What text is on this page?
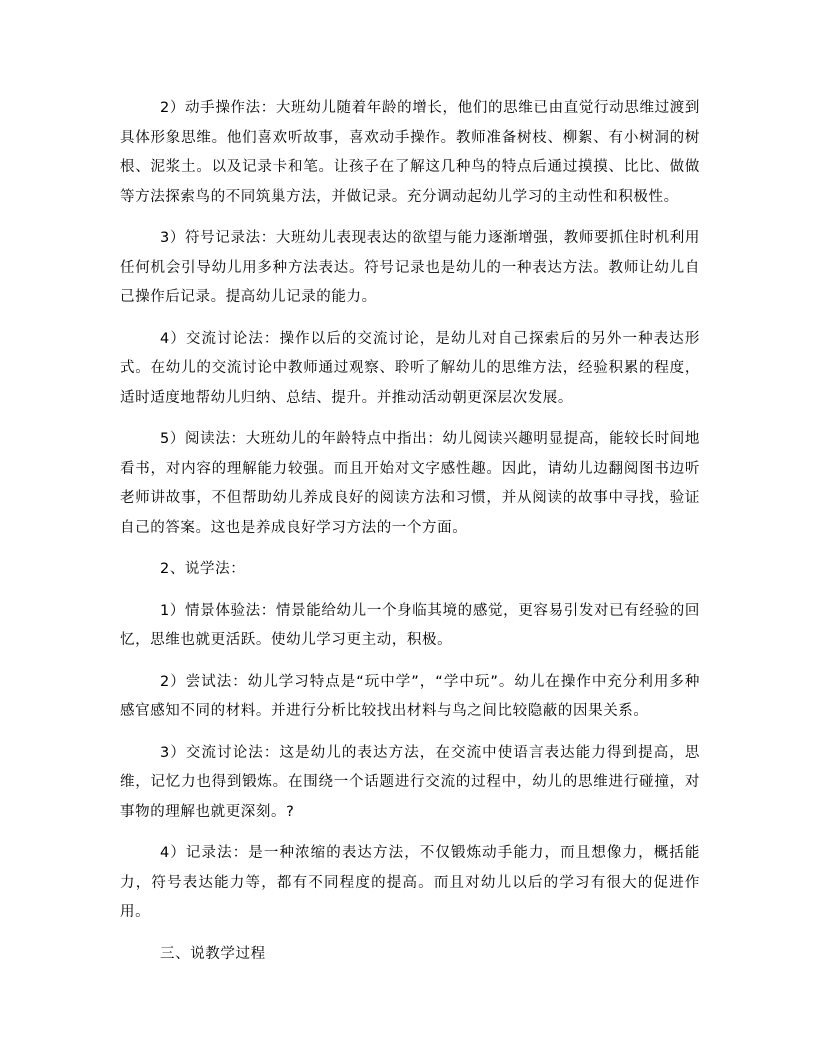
2）动手操作法：大班幼儿随着年龄的增长，他们的思维已由直觉行动思维过渡到具体形象思维。他们喜欢听故事，喜欢动手操作。教师准备树枝、柳絮、有小树洞的树根、泥浆土。以及记录卡和笔。让孩子在了解这几种鸟的特点后通过摸摸、比比、做做等方法探索鸟的不同筑巢方法，并做记录。充分调动起幼儿学习的主动性和积极性。

3）符号记录法：大班幼儿表现表达的欲望与能力逐渐增强，教师要抓住时机利用任何机会引导幼儿用多种方法表达。符号记录也是幼儿的一种表达方法。教师让幼儿自己操作后记录。提高幼儿记录的能力。

4）交流讨论法：操作以后的交流讨论，是幼儿对自己探索后的另外一种表达形式。在幼儿的交流讨论中教师通过观察、聆听了解幼儿的思维方法，经验积累的程度，适时适度地帮幼儿归纳、总结、提升。并推动活动朝更深层次发展。

5）阅读法：大班幼儿的年龄特点中指出：幼儿阅读兴趣明显提高，能较长时间地看书，对内容的理解能力较强。而且开始对文字感性趣。因此，请幼儿边翻阅图书边听老师讲故事，不但帮助幼儿养成良好的阅读方法和习惯，并从阅读的故事中寻找，验证自己的答案。这也是养成良好学习方法的一个方面。

2、说学法：

1）情景体验法：情景能给幼儿一个身临其境的感觉，更容易引发对已有经验的回忆，思维也就更活跃。使幼儿学习更主动，积极。

2）尝试法：幼儿学习特点是“玩中学”，“学中玩”。幼儿在操作中充分利用多种感官感知不同的材料。并进行分析比较找出材料与鸟之间比较隐蔽的因果关系。

3）交流讨论法：这是幼儿的表达方法，在交流中使语言表达能力得到提高，思维，记忆力也得到锻炼。在围绕一个话题进行交流的过程中，幼儿的思维进行碰撞，对事物的理解也就更深刻。?

4）记录法：是一种浓缩的表达方法，不仅锻炼动手能力，而且想像力，概括能力，符号表达能力等，都有不同程度的提高。而且对幼儿以后的学习有很大的促进作用。

三、说教学过程
